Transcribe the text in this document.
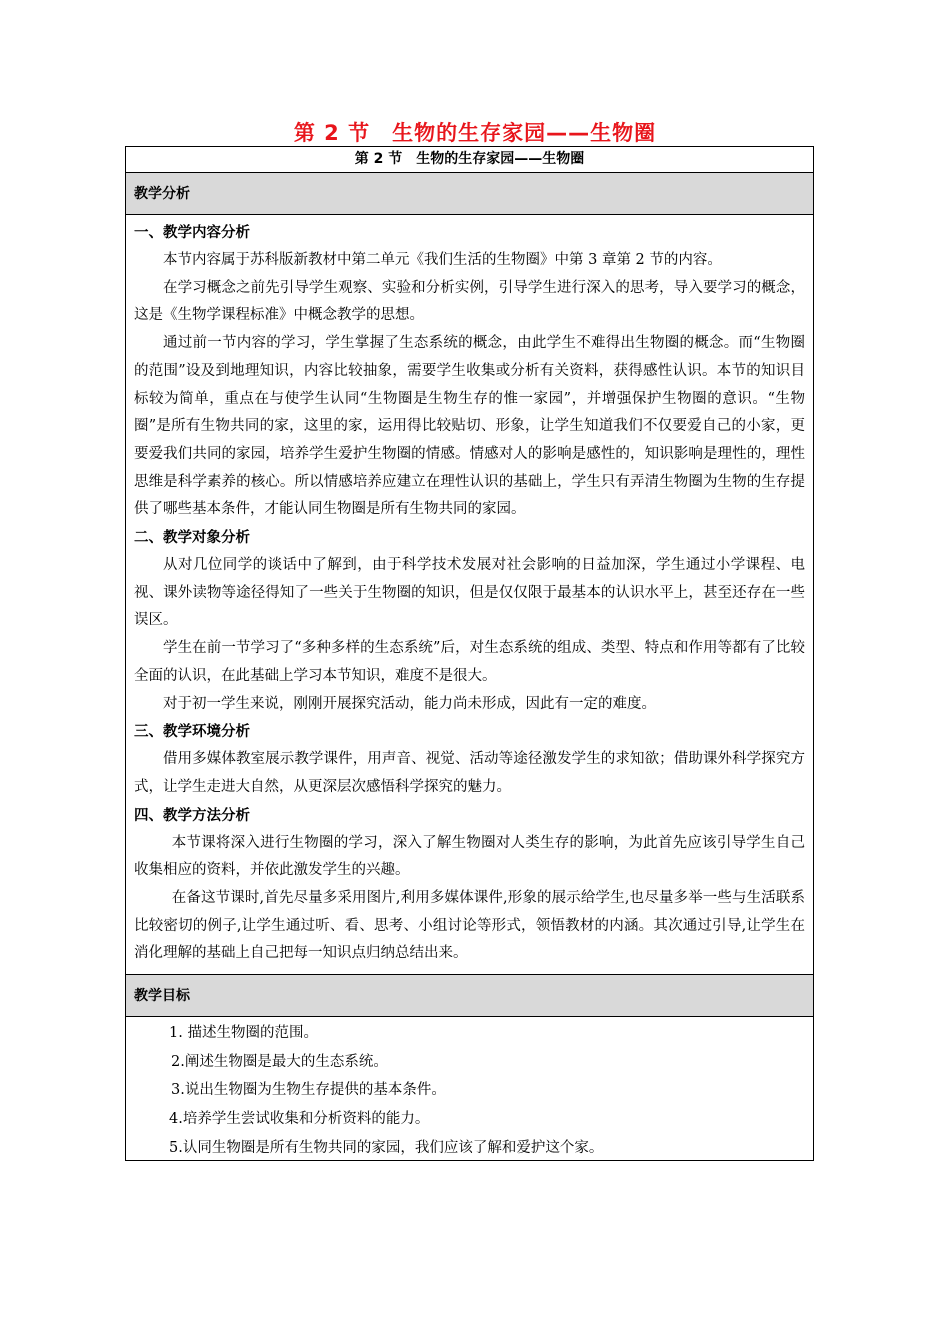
第 2 节　生物的生存家园——生物圈
第 2 节　生物的生存家园——生物圈
教学分析
一、教学内容分析
本节内容属于苏科版新教材中第二单元《我们生活的生物圈》中第 3 章第 2 节的内容。
在学习概念之前先引导学生观察、实验和分析实例，引导学生进行深入的思考，导入要学习的概念，这是《生物学课程标准》中概念教学的思想。
通过前一节内容的学习，学生掌握了生态系统的概念，由此学生不难得出生物圈的概念。而“生物圈的范围”设及到地理知识，内容比较抽象，需要学生收集或分析有关资料，获得感性认识。本节的知识目标较为简单，重点在与使学生认同“生物圈是生物生存的惟一家园”，并增强保护生物圈的意识。“生物圈”是所有生物共同的家，这里的家，运用得比较贴切、形象，让学生知道我们不仅要爱自己的小家，更要爱我们共同的家园，培养学生爱护生物圈的情感。情感对人的影响是感性的，知识影响是理性的，理性思维是科学素养的核心。所以情感培养应建立在理性认识的基础上，学生只有弄清生物圈为生物的生存提供了哪些基本条件，才能认同生物圈是所有生物共同的家园。
二、教学对象分析
从对几位同学的谈话中了解到，由于科学技术发展对社会影响的日益加深，学生通过小学课程、电视、课外读物等途径得知了一些关于生物圈的知识，但是仅仅限于最基本的认识水平上，甚至还存在一些误区。
学生在前一节学习了“多种多样的生态系统”后，对生态系统的组成、类型、特点和作用等都有了比较全面的认识，在此基础上学习本节知识，难度不是很大。
对于初一学生来说，刚刚开展探究活动，能力尚未形成，因此有一定的难度。
三、教学环境分析
借用多媒体教室展示教学课件，用声音、视觉、活动等途径激发学生的求知欲；借助课外科学探究方式，让学生走进大自然，从更深层次感悟科学探究的魅力。
四、教学方法分析
本节课将深入进行生物圈的学习，深入了解生物圈对人类生存的影响，为此首先应该引导学生自己收集相应的资料，并依此激发学生的兴趣。
在备这节课时,首先尽量多采用图片,利用多媒体课件,形象的展示给学生,也尽量多举一些与生活联系比较密切的例子,让学生通过听、看、思考、小组讨论等形式，领悟教材的内涵。其次通过引导,让学生在消化理解的基础上自己把每一知识点归纳总结出来。
教学目标
1. 描述生物圈的范围。
2.阐述生物圈是最大的生态系统。
3.说出生物圈为生物生存提供的基本条件。
4.培养学生尝试收集和分析资料的能力。
5.认同生物圈是所有生物共同的家园，我们应该了解和爱护这个家。
